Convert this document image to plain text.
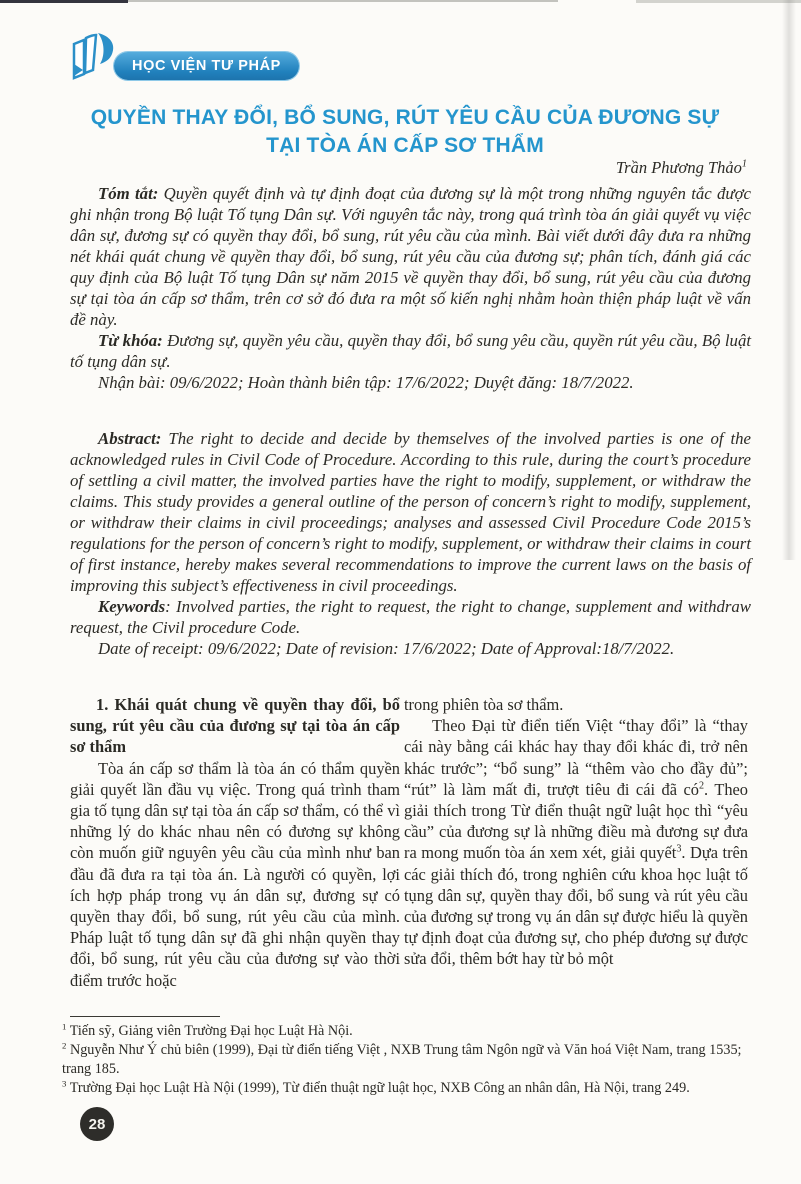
HỌC VIỆN TƯ PHÁP
QUYỀN THAY ĐỔI, BỔ SUNG, RÚT YÊU CẦU CỦA ĐƯƠNG SỰ
TẠI TÒA ÁN CẤP SƠ THẨM
Trần Phương Thảo$^1$

Tóm tắt: Quyền quyết định và tự định đoạt của đương sự là một trong những nguyên tắc được ghi nhận trong Bộ luật Tố tụng Dân sự. Với nguyên tắc này, trong quá trình tòa án giải quyết vụ việc dân sự, đương sự có quyền thay đổi, bổ sung, rút yêu cầu của mình. Bài viết dưới đây đưa ra những nét khái quát chung về quyền thay đổi, bổ sung, rút yêu cầu của đương sự; phân tích, đánh giá các quy định của Bộ luật Tố tụng Dân sự năm 2015 về quyền thay đổi, bổ sung, rút yêu cầu của đương sự tại tòa án cấp sơ thẩm, trên cơ sở đó đưa ra một số kiến nghị nhằm hoàn thiện pháp luật về vấn đề này.

Từ khóa: Đương sự, quyền yêu cầu, quyền thay đổi, bổ sung yêu cầu, quyền rút yêu cầu, Bộ luật tố tụng dân sự.

Nhận bài: 09/6/2022; Hoàn thành biên tập: 17/6/2022; Duyệt đăng: 18/7/2022.

Abstract: The right to decide and decide by themselves of the involved parties is one of the acknowledged rules in Civil Code of Procedure. According to this rule, during the court’s procedure of settling a civil matter, the involved parties have the right to modify, supplement, or withdraw the claims. This study provides a general outline of the person of concern’s right to modify, supplement, or withdraw their claims in civil proceedings; analyses and assessed Civil Procedure Code 2015’s regulations for the person of concern’s right to modify, supplement, or withdraw their claims in court of first instance, hereby makes several recommendations to improve the current laws on the basis of improving this subject’s effectiveness in civil proceedings.

Keywords: Involved parties, the right to request, the right to change, supplement and withdraw request, the Civil procedure Code.

Date of receipt: 09/6/2022; Date of revision: 17/6/2022; Date of Approval:18/7/2022.

1. Khái quát chung về quyền thay đổi, bổ sung, rút yêu cầu của đương sự tại tòa án cấp sơ thẩm

Tòa án cấp sơ thẩm là tòa án có thẩm quyền giải quyết lần đầu vụ việc. Trong quá trình tham gia tố tụng dân sự tại tòa án cấp sơ thẩm, có thể vì những lý do khác nhau nên có đương sự không còn muốn giữ nguyên yêu cầu của mình như ban đầu đã đưa ra tại tòa án. Là người có quyền, lợi ích hợp pháp trong vụ án dân sự, đương sự có quyền thay đổi, bổ sung, rút yêu cầu của mình. Pháp luật tố tụng dân sự đã ghi nhận quyền thay đổi, bổ sung, rút yêu cầu của đương sự vào thời điểm trước hoặc

trong phiên tòa sơ thẩm.

Theo Đại từ điển tiến Việt “thay đổi” là “thay cái này bằng cái khác hay thay đổi khác đi, trở nên khác trước”; “bổ sung” là “thêm vào cho đầy đủ”; “rút” là làm mất đi, trượt tiêu đi cái đã $có^2$. Theo giải thích trong Từ điển thuật ngữ luật học thì “yêu cầu” của đương sự là những điều mà đương sự đưa ra mong muốn tòa án xem xét, giải quyết$^3$. Dựa trên các giải thích đó, trong nghiên cứu khoa học luật tố tụng dân sự, quyền thay đổi, bổ sung và rút yêu cầu của đương sự trong vụ án dân sự được hiểu là quyền tự định đoạt của đương sự, cho phép đương sự được sửa đổi, thêm bớt hay từ bỏ một

$^1$ Tiến sỹ, Giảng viên Trường Đại học Luật Hà Nội.

$^2$ Nguyễn Như Ý chủ biên (1999), Đại từ điển tiếng Việt , NXB Trung tâm Ngôn ngữ và Văn hoá Việt Nam, trang 1535; trang 185.

$^3$ Trường Đại học Luật Hà Nội (1999), Từ điển thuật ngữ luật học, NXB Công an nhân dân, Hà Nội, trang 249.

28
